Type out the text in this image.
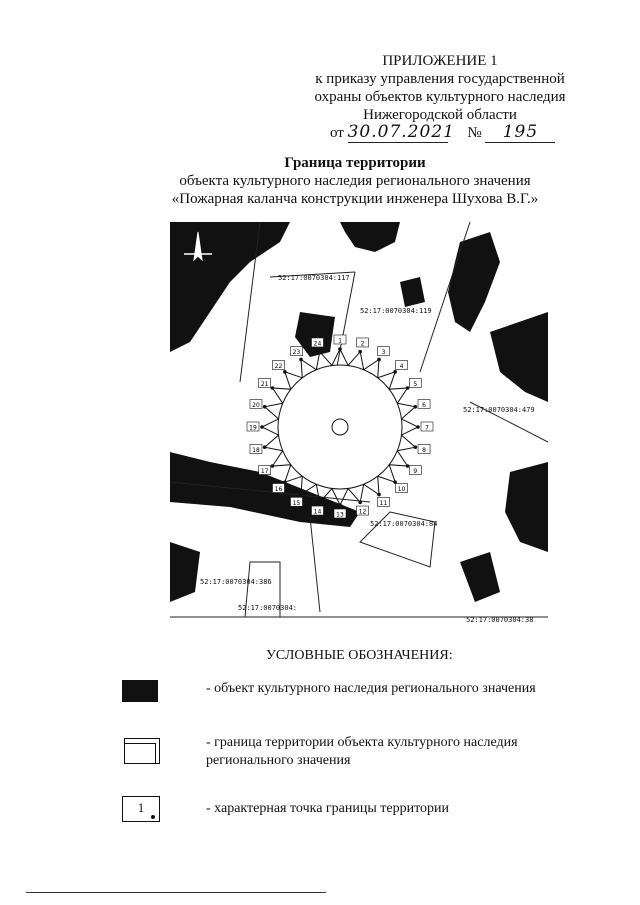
ПРИЛОЖЕНИЕ 1
к приказу управления государственной
охраны объектов культурного наследия
Нижегородской области
от 30.07.2021 № 195
Граница территории
объекта культурного наследия регионального значения
«Пожарная каланча конструкции инженера Шухова В.Г.»
1	2
3
4
5
6
7
8
9
10
11
12
13
14
15
16
17
18
19
20
21
22
23
24
52:17:0070304:117
52:17:0070304:119
52:17:0070304:479
52:17:0070304:84
52:17:0070304:386
52:17:0070304:
52:17:0070304:38
УСЛОВНЫЕ ОБОЗНАЧЕНИЯ:
- объект культурного наследия регионального значения
- граница территории объекта культурного наследия
регионального значения
1	- характерная точка границы территории
